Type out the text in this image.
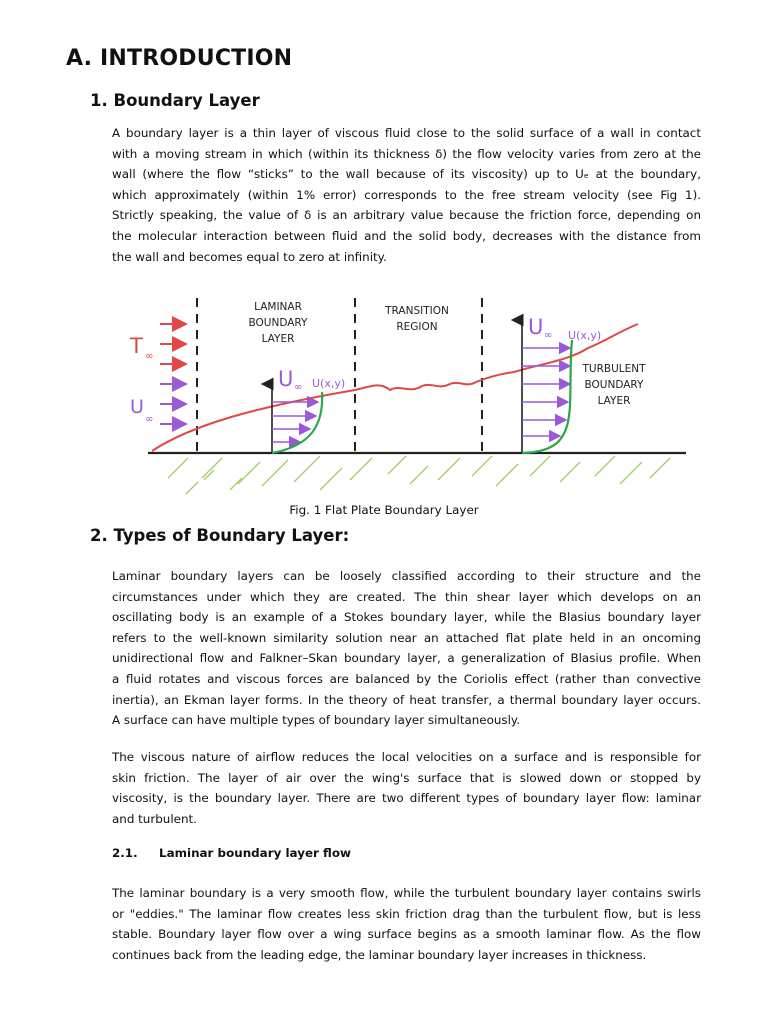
A. INTRODUCTION
1. Boundary Layer
A boundary layer is a thin layer of viscous fluid close to the solid surface of a wall in contact
with a moving stream in which (within its thickness δ) the flow velocity varies from zero at the
wall (where the flow “sticks” to the wall because of its viscosity) up to Uₑ at the boundary,
which approximately (within 1% error) corresponds to the free stream velocity (see Fig 1).
Strictly speaking, the value of δ is an arbitrary value because the friction force, depending on
the molecular interaction between fluid and the solid body, decreases with the distance from
the wall and becomes equal to zero at infinity.
T ∞
U
∞
U ∞ U(x,y)
U ∞ U(x,y)
LAMINAR
BOUNDARY
LAYER
TRANSITION
REGION
TURBULENT
BOUNDARY
LAYER
Fig. 1 Flat Plate Boundary Layer
2. Types of Boundary Layer:
Laminar boundary layers can be loosely classified according to their structure and the
circumstances under which they are created. The thin shear layer which develops on an
oscillating body is an example of a Stokes boundary layer, while the Blasius boundary layer
refers to the well-known similarity solution near an attached flat plate held in an oncoming
unidirectional flow and Falkner–Skan boundary layer, a generalization of Blasius profile. When
a fluid rotates and viscous forces are balanced by the Coriolis effect (rather than convective
inertia), an Ekman layer forms. In the theory of heat transfer, a thermal boundary layer occurs.
A surface can have multiple types of boundary layer simultaneously.
The viscous nature of airflow reduces the local velocities on a surface and is responsible for
skin friction. The layer of air over the wing's surface that is slowed down or stopped by
viscosity, is the boundary layer. There are two different types of boundary layer flow: laminar
and turbulent.
2.1. Laminar boundary layer flow
The laminar boundary is a very smooth flow, while the turbulent boundary layer contains swirls
or "eddies." The laminar flow creates less skin friction drag than the turbulent flow, but is less
stable. Boundary layer flow over a wing surface begins as a smooth laminar flow. As the flow
continues back from the leading edge, the laminar boundary layer increases in thickness.
